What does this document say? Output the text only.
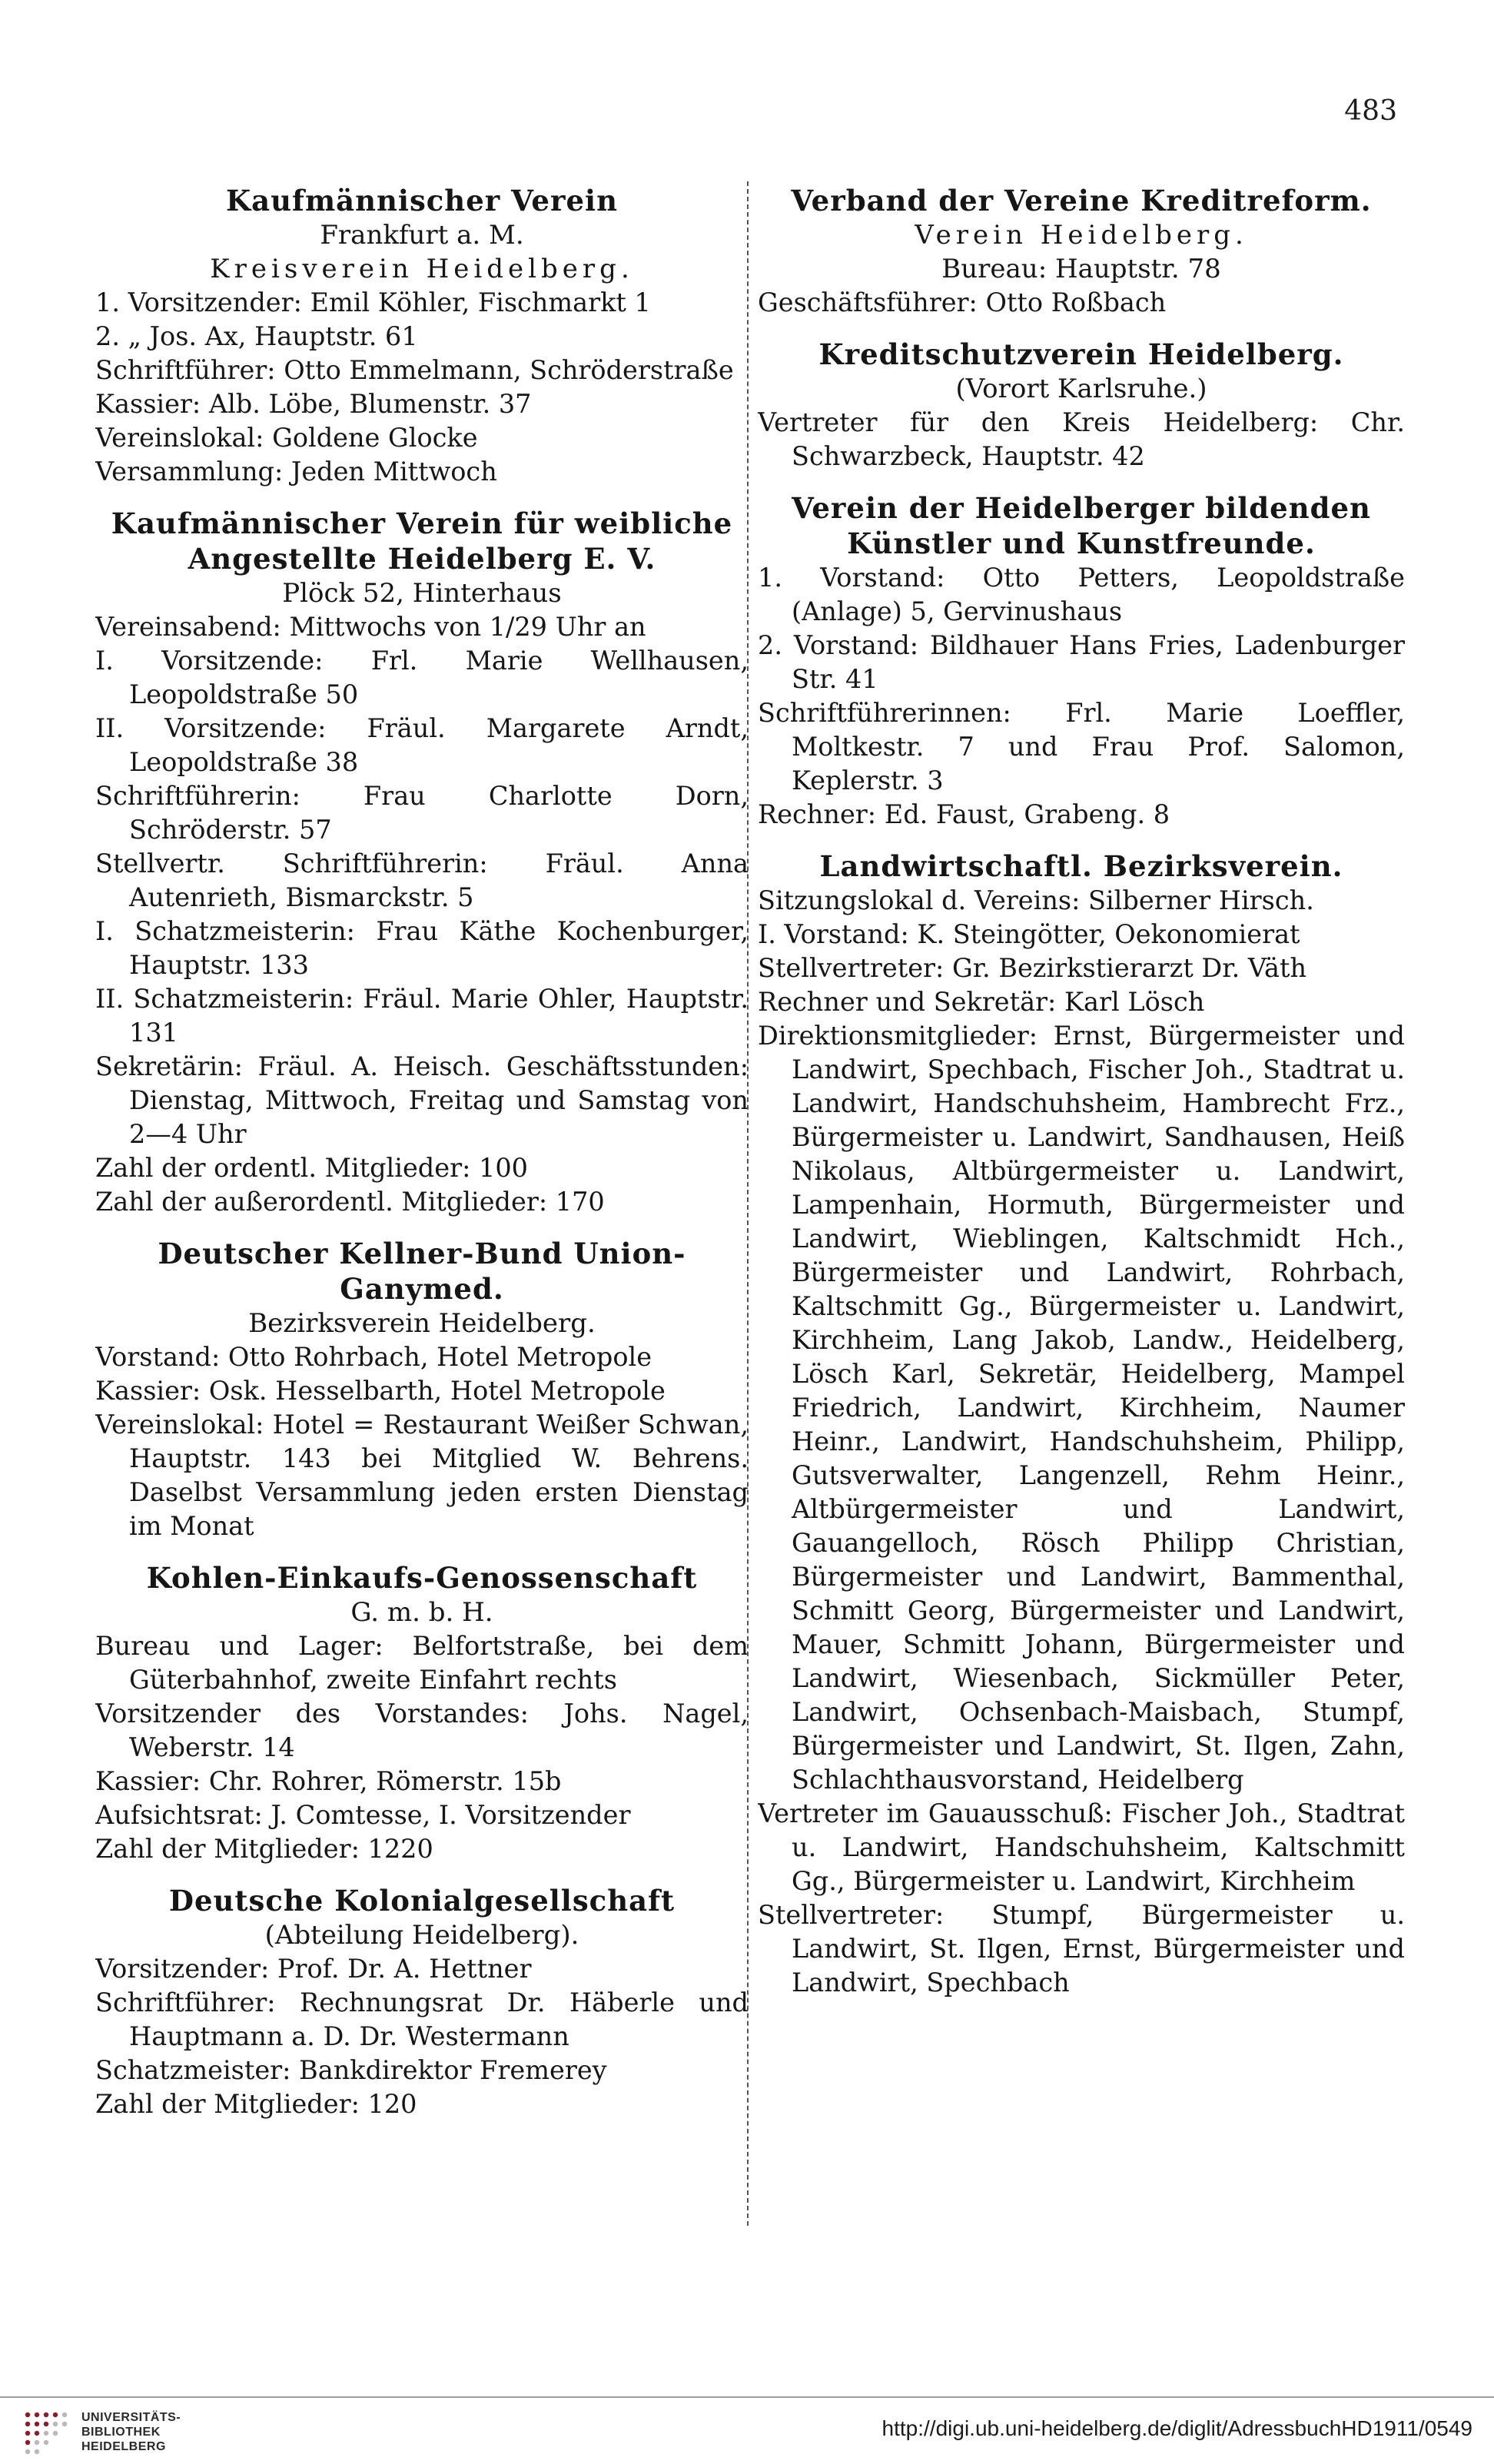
483
Kaufmännischer Verein
Frankfurt a. M.
Kreisverein Heidelberg.
1. Vorsitzender: Emil Köhler, Fischmarkt 1
2. „ Jos. Ax, Hauptstr. 61
Schriftführer: Otto Emmelmann, Schröderstraße
Kassier: Alb. Löbe, Blumenstr. 37
Vereinslokal: Goldene Glocke
Versammlung: Jeden Mittwoch
Kaufmännischer Verein für weibliche Angestellte Heidelberg E. V.
Plöck 52, Hinterhaus
Vereinsabend: Mittwochs von 1/29 Uhr an
I. Vorsitzende: Frl. Marie Wellhausen, Leopoldstraße 50
II. Vorsitzende: Fräul. Margarete Arndt, Leopoldstraße 38
Schriftführerin: Frau Charlotte Dorn, Schröderstr. 57
Stellvertr. Schriftführerin: Fräul. Anna Autenrieth, Bismarckstr. 5
I. Schatzmeisterin: Frau Käthe Kochenburger, Hauptstr. 133
II. Schatzmeisterin: Fräul. Marie Ohler, Hauptstr. 131
Sekretärin: Fräul. A. Heisch. Geschäftsstunden: Dienstag, Mittwoch, Freitag und Samstag von 2—4 Uhr
Zahl der ordentl. Mitglieder: 100
Zahl der außerordentl. Mitglieder: 170
Deutscher Kellner-Bund Union-Ganymed.
Bezirksverein Heidelberg.
Vorstand: Otto Rohrbach, Hotel Metropole
Kassier: Osk. Hesselbarth, Hotel Metropole
Vereinslokal: Hotel = Restaurant Weißer Schwan, Hauptstr. 143 bei Mitglied W. Behrens. Daselbst Versammlung jeden ersten Dienstag im Monat
Kohlen-Einkaufs-Genossenschaft
G. m. b. H.
Bureau und Lager: Belfortstraße, bei dem Güterbahnhof, zweite Einfahrt rechts
Vorsitzender des Vorstandes: Johs. Nagel, Weberstr. 14
Kassier: Chr. Rohrer, Römerstr. 15b
Aufsichtsrat: J. Comtesse, I. Vorsitzender
Zahl der Mitglieder: 1220
Deutsche Kolonialgesellschaft
(Abteilung Heidelberg).
Vorsitzender: Prof. Dr. A. Hettner
Schriftführer: Rechnungsrat Dr. Häberle und Hauptmann a. D. Dr. Westermann
Schatzmeister: Bankdirektor Fremerey
Zahl der Mitglieder: 120
Verband der Vereine Kreditreform.
Verein Heidelberg.
Bureau: Hauptstr. 78
Geschäftsführer: Otto Roßbach
Kreditschutzverein Heidelberg.
(Vorort Karlsruhe.)
Vertreter für den Kreis Heidelberg: Chr. Schwarzbeck, Hauptstr. 42
Verein der Heidelberger bildenden Künstler und Kunstfreunde.
1. Vorstand: Otto Petters, Leopoldstraße (Anlage) 5, Gervinushaus
2. Vorstand: Bildhauer Hans Fries, Ladenburger Str. 41
Schriftführerinnen: Frl. Marie Loeffler, Moltkestr. 7 und Frau Prof. Salomon, Keplerstr. 3
Rechner: Ed. Faust, Grabeng. 8
Landwirtschaftl. Bezirksverein.
Sitzungslokal d. Vereins: Silberner Hirsch.
I. Vorstand: K. Steingötter, Oekonomierat
Stellvertreter: Gr. Bezirkstierarzt Dr. Väth
Rechner und Sekretär: Karl Lösch
Direktionsmitglieder: Ernst, Bürgermeister und Landwirt, Spechbach, Fischer Joh., Stadtrat u. Landwirt, Handschuhsheim, Hambrecht Frz., Bürgermeister u. Landwirt, Sandhausen, Heiß Nikolaus, Altbürgermeister u. Landwirt, Lampenhain, Hormuth, Bürgermeister und Landwirt, Wieblingen, Kaltschmidt Hch., Bürgermeister und Landwirt, Rohrbach, Kaltschmitt Gg., Bürgermeister u. Landwirt, Kirchheim, Lang Jakob, Landw., Heidelberg, Lösch Karl, Sekretär, Heidelberg, Mampel Friedrich, Landwirt, Kirchheim, Naumer Heinr., Landwirt, Handschuhsheim, Philipp, Gutsverwalter, Langenzell, Rehm Heinr., Altbürgermeister und Landwirt, Gauangelloch, Rösch Philipp Christian, Bürgermeister und Landwirt, Bammenthal, Schmitt Georg, Bürgermeister und Landwirt, Mauer, Schmitt Johann, Bürgermeister und Landwirt, Wiesenbach, Sickmüller Peter, Landwirt, Ochsenbach-Maisbach, Stumpf, Bürgermeister und Landwirt, St. Ilgen, Zahn, Schlachthausvorstand, Heidelberg
Vertreter im Gauausschuß: Fischer Joh., Stadtrat u. Landwirt, Handschuhsheim, Kaltschmitt Gg., Bürgermeister u. Landwirt, Kirchheim
Stellvertreter: Stumpf, Bürgermeister u. Landwirt, St. Ilgen, Ernst, Bürgermeister und Landwirt, Spechbach
UNIVERSITÄTS-
BIBLIOTHEK
HEIDELBERG
http://digi.ub.uni-heidelberg.de/diglit/AdressbuchHD1911/0549
